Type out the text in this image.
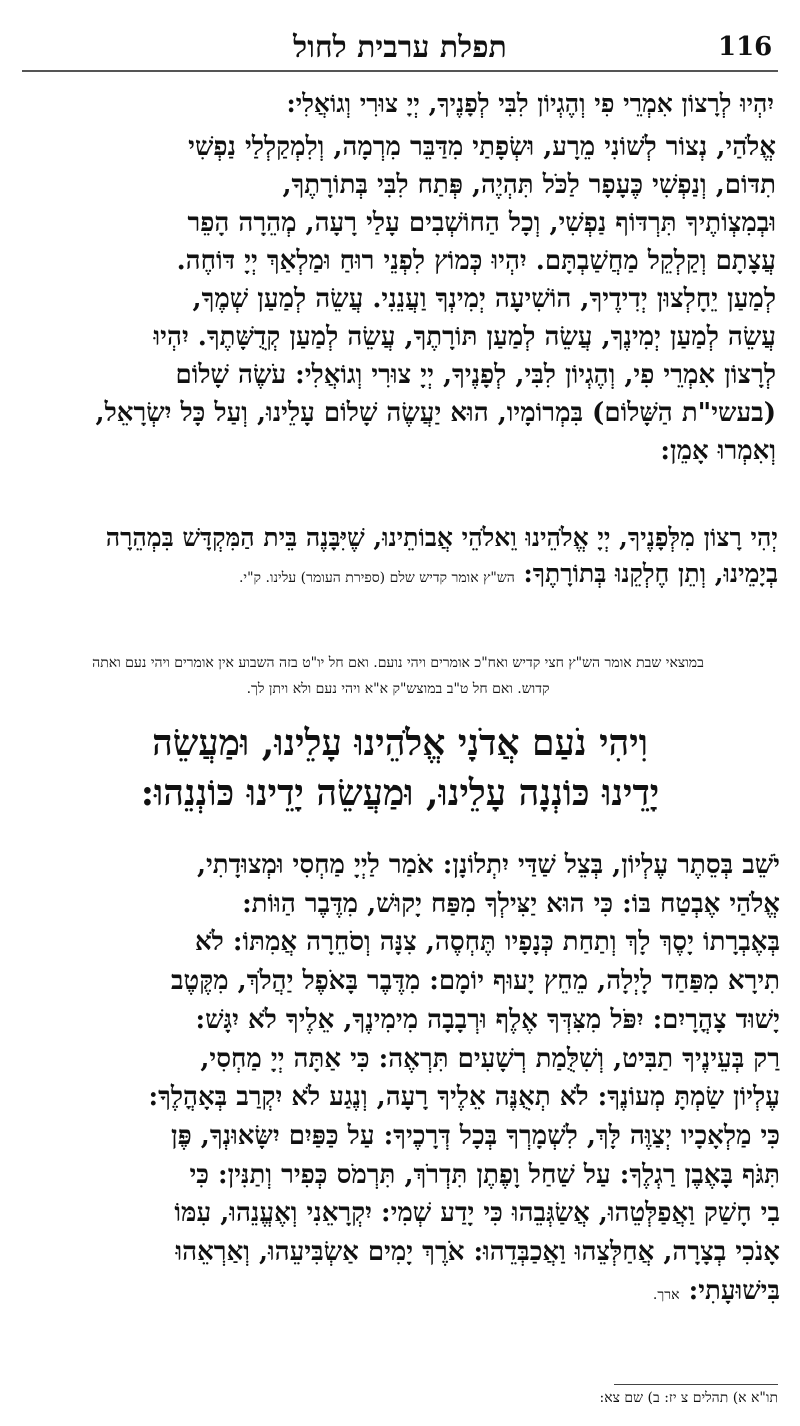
תפלת ערבית לחול	116
יִהְיוּ לְרָצוֹן אִמְרֵי פִי וְהֶגְיוֹן לִבִּי לְפָנֶיךָ, יְיָ צוּרִי וְגוֹאֲלִי:
אֱלֹהַי, נְצוֹר לְשׁוֹנִי מֵרָע, וּשְׂפָתַי מִדַּבֵּר מִרְמָה, וְלִמְקַלְלַי נַפְשִׁי
תִדּוֹם, וְנַפְשִׁי כֶּעָפָר לַכֹּל תִּהְיֶה, פְּתַח לִבִּי בְּתוֹרָתֶךָ,
וּבְמִצְוֹתֶיךָ תִּרְדּוֹף נַפְשִׁי, וְכָל הַחוֹשְׁבִים עָלַי רָעָה, מְהֵרָה הָפֵר
עֲצָתָם וְקַלְקֵל מַחֲשַׁבְתָּם. יִהְיוּ כְּמוֹץ לִפְנֵי רוּחַ וּמַלְאַךְ יְיָ דּוֹחֶה.
לְמַעַן יֵחָלְצוּן יְדִידֶיךָ, הוֹשִׁיעָה יְמִינְךָ וַעֲנֵנִי. עֲשֵׂה לְמַעַן שְׁמֶךָ,
עֲשֵׂה לְמַעַן יְמִינֶךָ, עֲשֵׂה לְמַעַן תּוֹרָתֶךָ, עֲשֵׂה לְמַעַן קְדֻשָּׁתֶךָ. יִהְיוּ
לְרָצוֹן אִמְרֵי פִי, וְהֶגְיוֹן לִבִּי, לְפָנֶיךָ, יְיָ צוּרִי וְגוֹאֲלִי: עֹשֶׂה שָׁלוֹם
(בעשי"ת הַשָּׁלוֹם) בִּמְרוֹמָיו, הוּא יַעֲשֶׂה שָׁלוֹם עָלֵינוּ, וְעַל כָּל יִשְׂרָאֵל,
וְאִמְרוּ אָמֵן:
יְהִי רָצוֹן מִלְּפָנֶיךָ, יְיָ אֱלֹהֵינוּ וֵאלֹהֵי אֲבוֹתֵינוּ, שֶׁיִּבָּנֶה בֵּית הַמִּקְדָּשׁ בִּמְהֵרָה
בְיָמֵינוּ, וְתֵן חֶלְקֵנוּ בְּתוֹרָתֶךָ: הש"ץ אומר קדיש שלם (ספירת העומר) עלינו. ק"י.
במוצאי שבת אומר הש"ץ חצי קדיש ואח"כ אומרים ויהי נועם. ואם חל יו"ט בזה השבוע אין אומרים ויהי נעם ואתה
קדוש. ואם חל ט"ב במוצש"ק א"א ויהי נעם ולא ויתן לך.
וִיהִי נֹעַם אֲדֹנָי אֱלֹהֵינוּ עָלֵינוּ, וּמַעֲשֵׂה
יָדֵינוּ כּוֹנְנָה עָלֵינוּ, וּמַעֲשֵׂה יָדֵינוּ כּוֹנְנֵהוּ:
יֹשֵׁב בְּסֵתֶר עֶלְיוֹן, בְּצֵל שַׁדַּי יִתְלוֹנָן: אֹמַר לַיְיָ מַחְסִי וּמְצוּדָתִי,
אֱלֹהַי אֶבְטַח בּוֹ: כִּי הוּא יַצִּילְךָ מִפַּח יָקוּשׁ, מִדֶּבֶר הַוּוֹת:
בְּאֶבְרָתוֹ יָסֶךְ לָךְ וְתַחַת כְּנָפָיו תֶּחְסֶה, צִנָּה וְסֹחֵרָה אֲמִתּוֹ: לֹא
תִירָא מִפַּחַד לָיְלָה, מֵחֵץ יָעוּף יוֹמָם: מִדֶּבֶר בָּאֹפֶל יַהֲלֹךְ, מִקֶּטֶב
יָשׁוּד צָהֳרָיִם: יִפֹּל מִצִּדְּךָ אֶלֶף וּרְבָבָה מִימִינֶךָ, אֵלֶיךָ לֹא יִגָּשׁ:
רַק בְּעֵינֶיךָ תַבִּיט, וְשִׁלֻּמַת רְשָׁעִים תִּרְאֶה: כִּי אַתָּה יְיָ מַחְסִי,
עֶלְיוֹן שַׂמְתָּ מְעוֹנֶךָ: לֹא תְאֻנֶּה אֵלֶיךָ רָעָה, וְנֶגַע לֹא יִקְרַב בְּאָהֳלֶךָ:
כִּי מַלְאָכָיו יְצַוֶּה לָּךְ, לִשְׁמָרְךָ בְּכָל דְּרָכֶיךָ: עַל כַּפַּיִם יִשָּׂאוּנְךָ, פֶּן
תִּגֹּף בָּאֶבֶן רַגְלֶךָ: עַל שַׁחַל וָפֶתֶן תִּדְרֹךְ, תִּרְמֹס כְּפִיר וְתַנִּין: כִּי
בִי חָשַׁק וַאֲפַלְּטֵהוּ, אֲשַׂגְּבֵהוּ כִּי יָדַע שְׁמִי: יִקְרָאֵנִי וְאֶעֱנֵהוּ, עִמּוֹ
אָנֹכִי בְצָרָה, אֲחַלְּצֵהוּ וַאֲכַבְּדֵהוּ: אֹרֶךְ יָמִים אַשְׂבִּיעֵהוּ, וְאַרְאֵהוּ
בִּישׁוּעָתִי: ארך.
תו"א א) תהלים צ יז: ב) שם צא:
